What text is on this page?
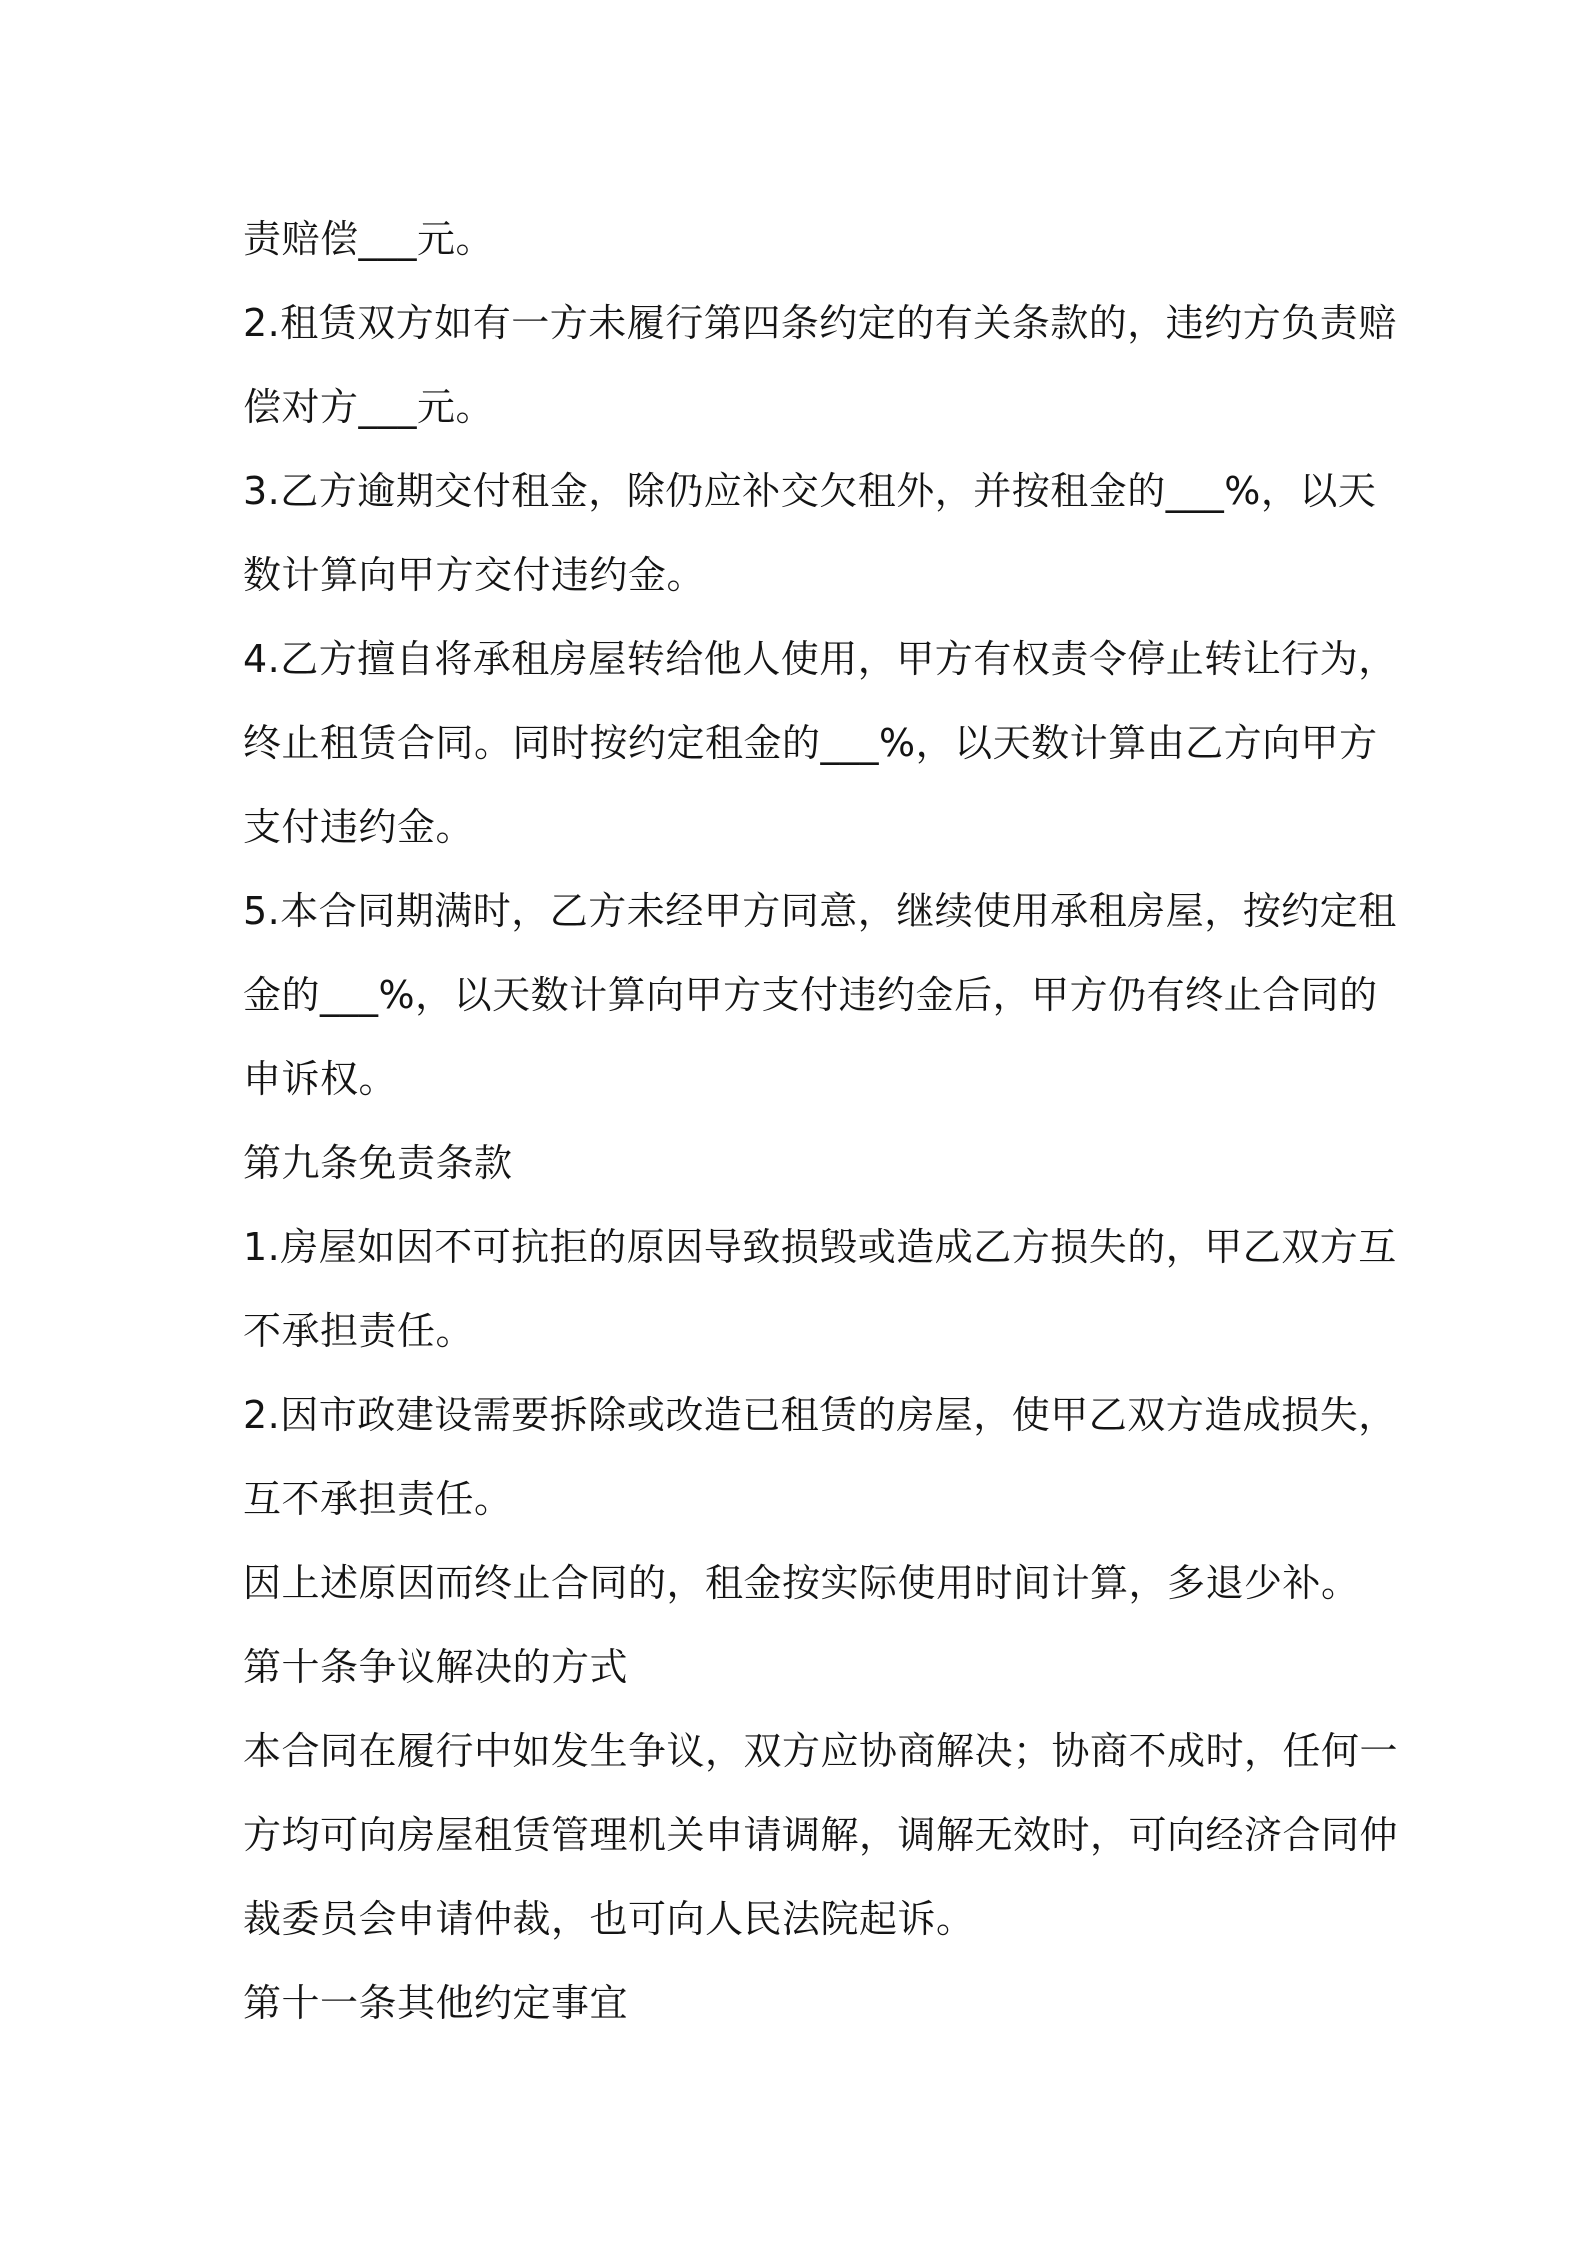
责赔偿___元。
2.租赁双方如有一方未履行第四条约定的有关条款的，违约方负责赔
偿对方___元。
3.乙方逾期交付租金，除仍应补交欠租外，并按租金的___%，以天
数计算向甲方交付违约金。
4.乙方擅自将承租房屋转给他人使用，甲方有权责令停止转让行为，
终止租赁合同。同时按约定租金的___%，以天数计算由乙方向甲方
支付违约金。
5.本合同期满时，乙方未经甲方同意，继续使用承租房屋，按约定租
金的___%，以天数计算向甲方支付违约金后，甲方仍有终止合同的
申诉权。
第九条免责条款
1.房屋如因不可抗拒的原因导致损毁或造成乙方损失的，甲乙双方互
不承担责任。
2.因市政建设需要拆除或改造已租赁的房屋，使甲乙双方造成损失，
互不承担责任。
因上述原因而终止合同的，租金按实际使用时间计算，多退少补。
第十条争议解决的方式
本合同在履行中如发生争议，双方应协商解决；协商不成时，任何一
方均可向房屋租赁管理机关申请调解，调解无效时，可向经济合同仲
裁委员会申请仲裁，也可向人民法院起诉。
第十一条其他约定事宜
